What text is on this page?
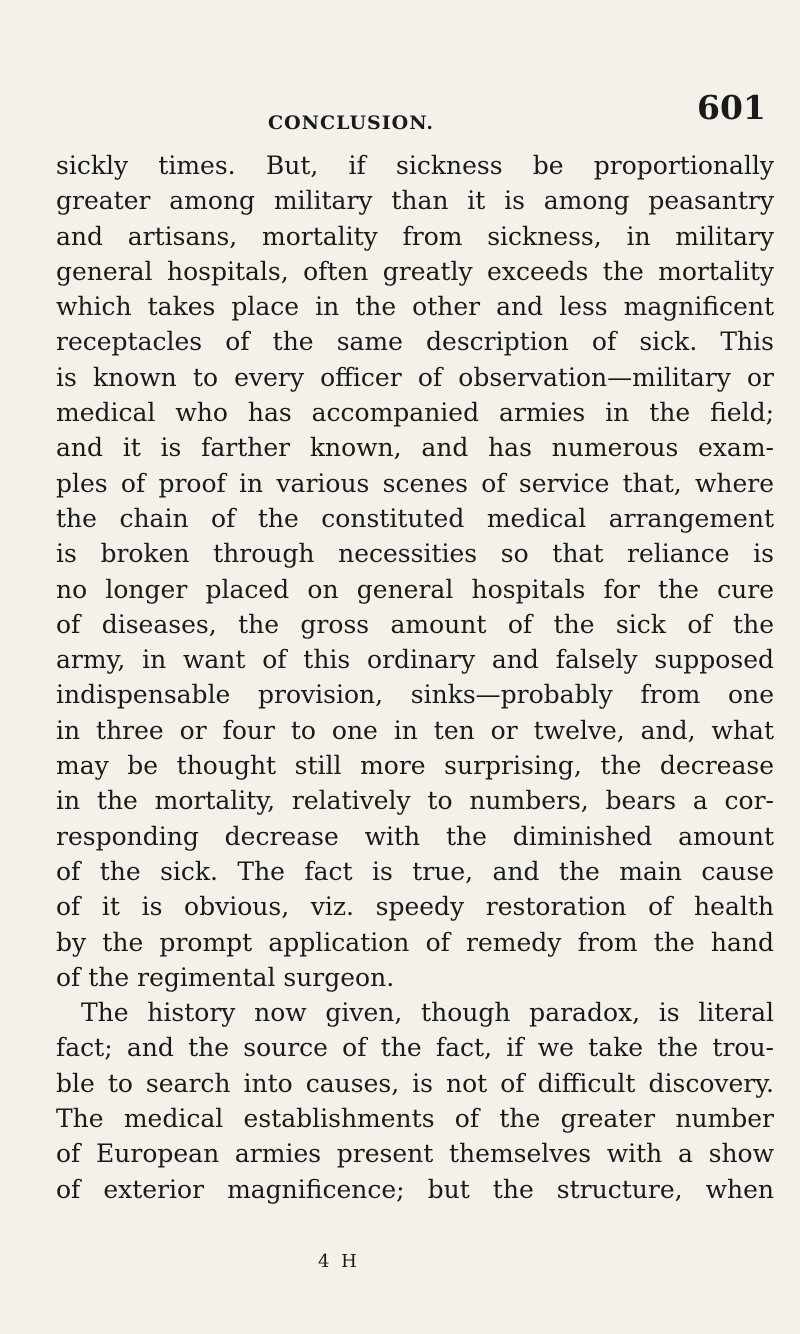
CONCLUSION.	601
sickly times. But, if sickness be proportionally
greater among military than it is among peasantry
and artisans, mortality from sickness, in military
general hospitals, often greatly exceeds the mortality
which takes place in the other and less magnificent
receptacles of the same description of sick. This
is known to every officer of observation—military or
medical who has accompanied armies in the field;
and it is farther known, and has numerous exam-
ples of proof in various scenes of service that, where
the chain of the constituted medical arrangement
is broken through necessities so that reliance is
no longer placed on general hospitals for the cure
of diseases, the gross amount of the sick of the
army, in want of this ordinary and falsely supposed
indispensable provision, sinks—probably from one
in three or four to one in ten or twelve, and, what
may be thought still more surprising, the decrease
in the mortality, relatively to numbers, bears a cor-
responding decrease with the diminished amount
of the sick. The fact is true, and the main cause
of it is obvious, viz. speedy restoration of health
by the prompt application of remedy from the hand
of the regimental surgeon.
The history now given, though paradox, is literal
fact; and the source of the fact, if we take the trou-
ble to search into causes, is not of difficult discovery.
The medical establishments of the greater number
of European armies present themselves with a show
of exterior magnificence; but the structure, when
4 H
